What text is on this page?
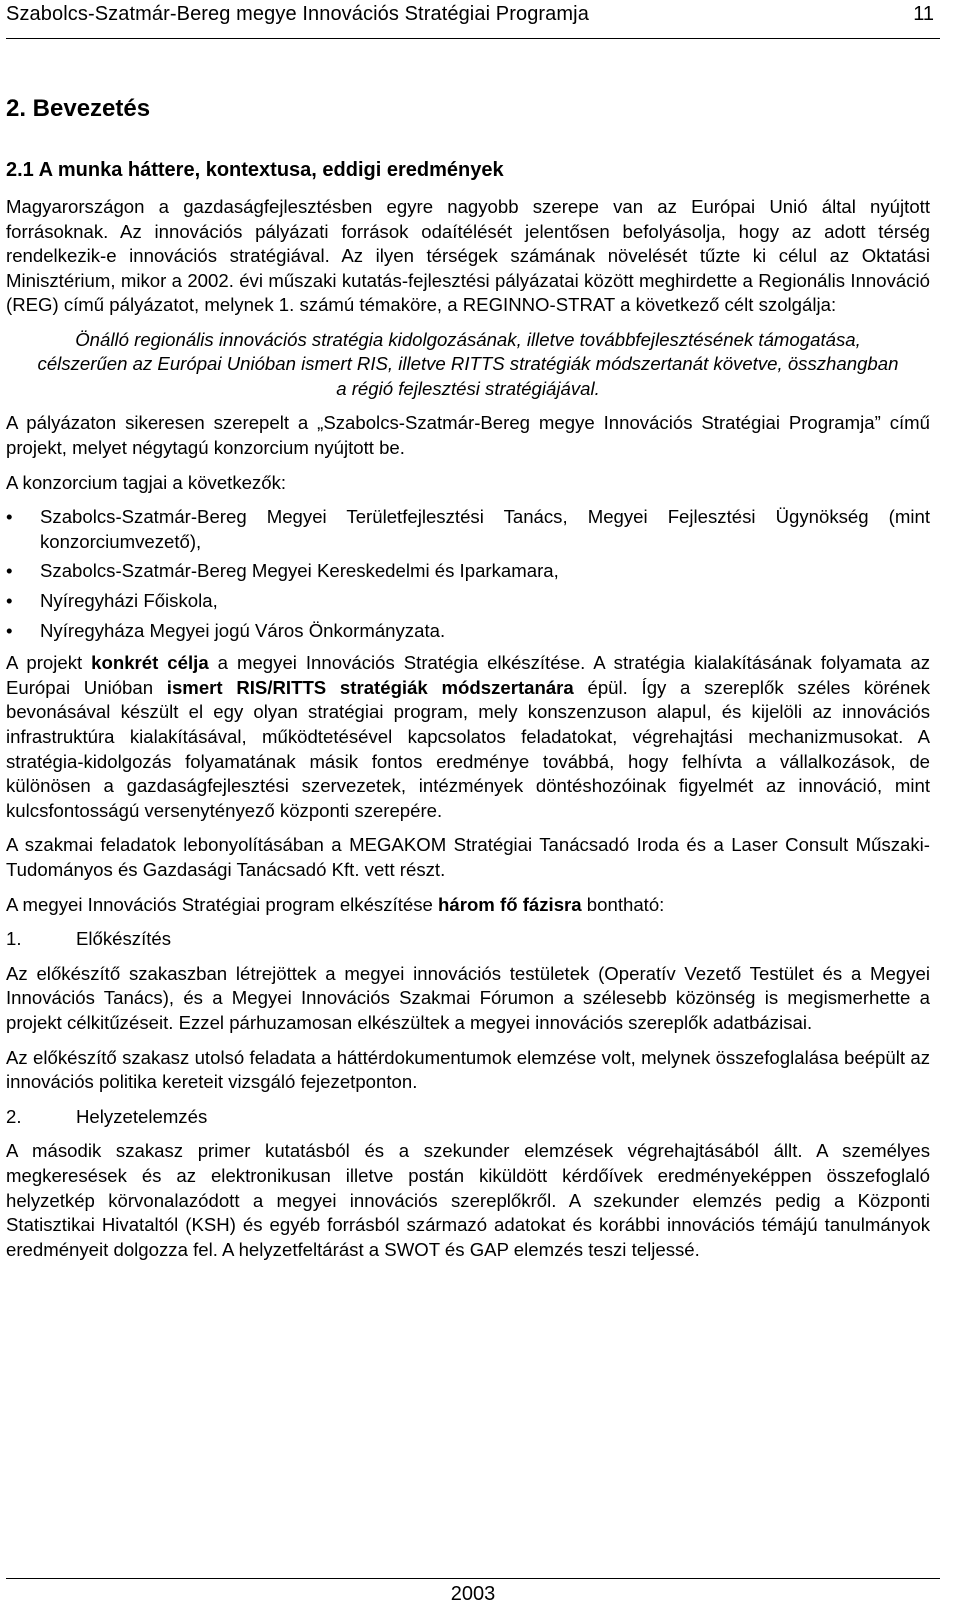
Szabolcs-Szatmár-Bereg megye Innovációs Stratégiai Programja	11
2. Bevezetés
2.1 A munka háttere, kontextusa, eddigi eredmények

Magyarországon a gazdaságfejlesztésben egyre nagyobb szerepe van az Európai Unió által nyújtott forrásoknak. Az innovációs pályázati források odaítélését jelentősen befolyásolja, hogy az adott térség rendelkezik-e innovációs stratégiával. Az ilyen térségek számának növelését tűzte ki célul az Oktatási Minisztérium, mikor a 2002. évi műszaki kutatás-fejlesztési pályázatai között meghirdette a Regionális Innováció (REG) című pályázatot, melynek 1. számú témaköre, a REGINNO-STRAT a következő célt szolgálja:

Önálló regionális innovációs stratégia kidolgozásának, illetve továbbfejlesztésének támogatása, célszerűen az Európai Unióban ismert RIS, illetve RITTS stratégiák módszertanát követve, összhangban a régió fejlesztési stratégiájával.

A pályázaton sikeresen szerepelt a „Szabolcs-Szatmár-Bereg megye Innovációs Stratégiai Programja” című projekt, melyet négytagú konzorcium nyújtott be.

A konzorcium tagjai a következők:

• Szabolcs-Szatmár-Bereg Megyei Területfejlesztési Tanács, Megyei Fejlesztési Ügynökség (mint konzorciumvezető),
• Szabolcs-Szatmár-Bereg Megyei Kereskedelmi és Iparkamara,
• Nyíregyházi Főiskola,
• Nyíregyháza Megyei jogú Város Önkormányzata.

A projekt konkrét célja a megyei Innovációs Stratégia elkészítése. A stratégia kialakításának folyamata az Európai Unióban ismert RIS/RITTS stratégiák módszertanára épül. Így a szereplők széles körének bevonásával készült el egy olyan stratégiai program, mely konszenzuson alapul, és kijelöli az innovációs infrastruktúra kialakításával, működtetésével kapcsolatos feladatokat, végrehajtási mechanizmusokat. A stratégia-kidolgozás folyamatának másik fontos eredménye továbbá, hogy felhívta a vállalkozások, de különösen a gazdaságfejlesztési szervezetek, intézmények döntéshozóinak figyelmét az innováció, mint kulcsfontosságú versenytényező központi szerepére.

A szakmai feladatok lebonyolításában a MEGAKOM Stratégiai Tanácsadó Iroda és a Laser Consult Műszaki-Tudományos és Gazdasági Tanácsadó Kft. vett részt.

A megyei Innovációs Stratégiai program elkészítése három fő fázisra bontható:

1.	Előkészítés

Az előkészítő szakaszban létrejöttek a megyei innovációs testületek (Operatív Vezető Testület és a Megyei Innovációs Tanács), és a Megyei Innovációs Szakmai Fórumon a szélesebb közönség is megismerhette a projekt célkitűzéseit. Ezzel párhuzamosan elkészültek a megyei innovációs szereplők adatbázisai.

Az előkészítő szakasz utolsó feladata a háttérdokumentumok elemzése volt, melynek összefoglalása beépült az innovációs politika kereteit vizsgáló fejezetponton.

2.	Helyzetelemzés

A második szakasz primer kutatásból és a szekunder elemzések végrehajtásából állt. A személyes megkeresések és az elektronikusan illetve postán kiküldött kérdőívek eredményeképpen összefoglaló helyzetkép körvonalazódott a megyei innovációs szereplőkről. A szekunder elemzés pedig a Központi Statisztikai Hivataltól (KSH) és egyéb forrásból származó adatokat és korábbi innovációs témájú tanulmányok eredményeit dolgozza fel. A helyzetfeltárást a SWOT és GAP elemzés teszi teljessé.

2003
